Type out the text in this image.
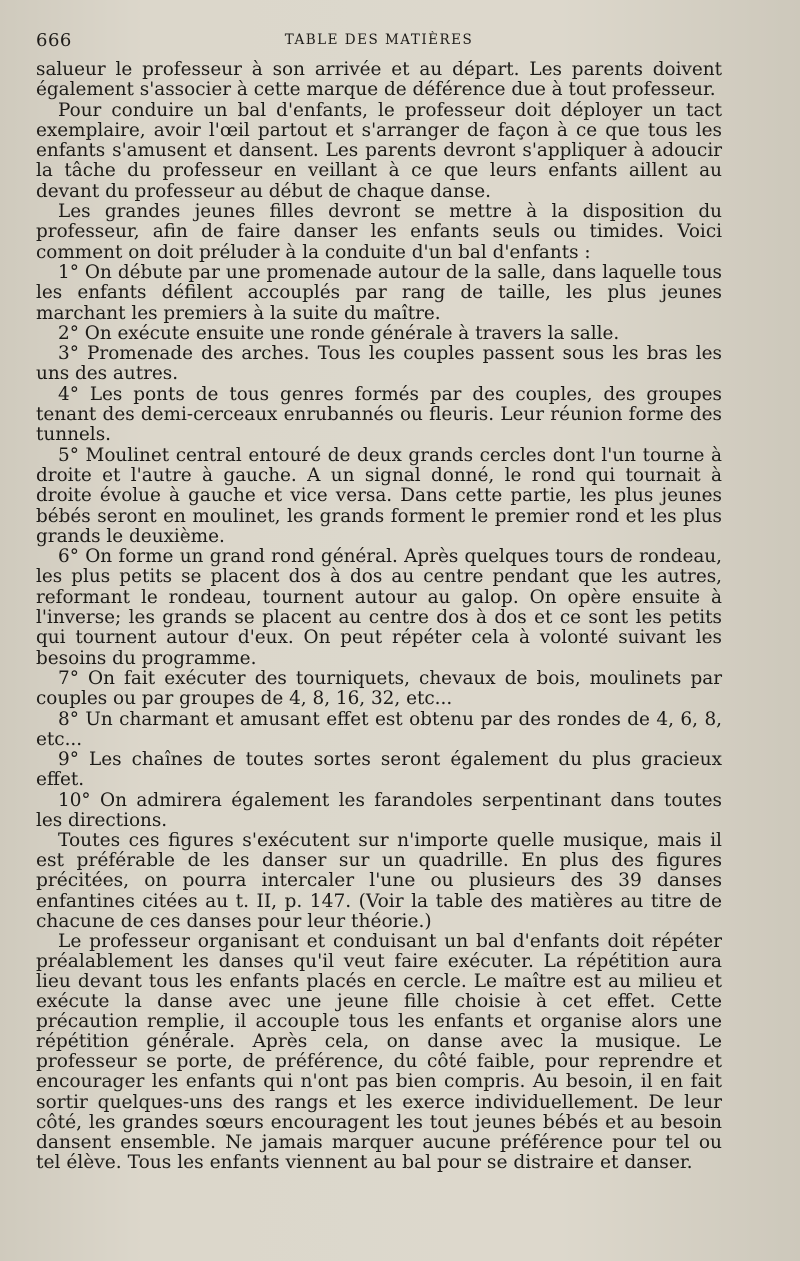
666	TABLE DES MATIÈRES

salueur le professeur à son arrivée et au départ. Les parents doivent également s'associer à cette marque de déférence due à tout professeur.

Pour conduire un bal d'enfants, le professeur doit déployer un tact exemplaire, avoir l'œil partout et s'arranger de façon à ce que tous les enfants s'amusent et dansent. Les parents devront s'appliquer à adoucir la tâche du professeur en veillant à ce que leurs enfants aillent au devant du professeur au début de chaque danse.

Les grandes jeunes filles devront se mettre à la disposition du professeur, afin de faire danser les enfants seuls ou timides. Voici comment on doit préluder à la conduite d'un bal d'enfants :

1° On débute par une promenade autour de la salle, dans laquelle tous les enfants défilent accouplés par rang de taille, les plus jeunes marchant les premiers à la suite du maître.

2° On exécute ensuite une ronde générale à travers la salle.

3° Promenade des arches. Tous les couples passent sous les bras les uns des autres.

4° Les ponts de tous genres formés par des couples, des groupes tenant des demi-cerceaux enrubannés ou fleuris. Leur réunion forme des tunnels.

5° Moulinet central entouré de deux grands cercles dont l'un tourne à droite et l'autre à gauche. A un signal donné, le rond qui tournait à droite évolue à gauche et vice versa. Dans cette partie, les plus jeunes bébés seront en moulinet, les grands forment le premier rond et les plus grands le deuxième.

6° On forme un grand rond général. Après quelques tours de rondeau, les plus petits se placent dos à dos au centre pendant que les autres, reformant le rondeau, tournent autour au galop. On opère ensuite à l'inverse; les grands se placent au centre dos à dos et ce sont les petits qui tournent autour d'eux. On peut répéter cela à volonté suivant les besoins du programme.

7° On fait exécuter des tourniquets, chevaux de bois, moulinets par couples ou par groupes de 4, 8, 16, 32, etc...

8° Un charmant et amusant effet est obtenu par des rondes de 4, 6, 8, etc...

9° Les chaînes de toutes sortes seront également du plus gracieux effet.

10° On admirera également les farandoles serpentinant dans toutes les directions.

Toutes ces figures s'exécutent sur n'importe quelle musique, mais il est préférable de les danser sur un quadrille. En plus des figures précitées, on pourra intercaler l'une ou plusieurs des 39 danses enfantines citées au t. II, p. 147. (Voir la table des matières au titre de chacune de ces danses pour leur théorie.)

Le professeur organisant et conduisant un bal d'enfants doit répéter préalablement les danses qu'il veut faire exécuter. La répétition aura lieu devant tous les enfants placés en cercle. Le maître est au milieu et exécute la danse avec une jeune fille choisie à cet effet. Cette précaution remplie, il accouple tous les enfants et organise alors une répétition générale. Après cela, on danse avec la musique. Le professeur se porte, de préférence, du côté faible, pour reprendre et encourager les enfants qui n'ont pas bien compris. Au besoin, il en fait sortir quelques-uns des rangs et les exerce individuellement. De leur côté, les grandes sœurs encouragent les tout jeunes bébés et au besoin dansent ensemble. Ne jamais marquer aucune préférence pour tel ou tel élève. Tous les enfants viennent au bal pour se distraire et danser.
